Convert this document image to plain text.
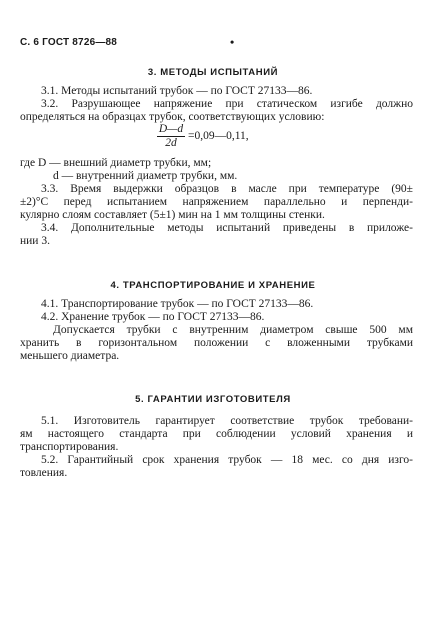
С. 6 ГОСТ 8726—88	•
3. МЕТОДЫ ИСПЫТАНИЙ
3.1. Методы испытаний трубок — по ГОСТ 27133—86.
3.2. Разрушающее напряжение при статическом изгибе должно
определяться на образцах трубок, соответствующих условию:
$\frac{D—d}{2d}$ =0,09—0,11,
где D — внешний диаметр трубки, мм;
d — внутренний диаметр трубки, мм.
3.3. Время выдержки образцов в масле при температуре (90±
±2)°С перед испытанием напряжением параллельно и перпенди-
кулярно слоям составляет (5±1) мин на 1 мм толщины стенки.
3.4. Дополнительные методы испытаний приведены в приложе-
нии 3.
4. ТРАНСПОРТИРОВАНИЕ И ХРАНЕНИЕ
4.1. Транспортирование трубок — по ГОСТ 27133—86.
4.2. Хранение трубок — по ГОСТ 27133—86.
Допускается трубки с внутренним диаметром свыше 500 мм
хранить в горизонтальном положении с вложенными трубками
меньшего диаметра.
5. ГАРАНТИИ ИЗГОТОВИТЕЛЯ
5.1. Изготовитель гарантирует соответствие трубок требовани-
ям настоящего стандарта при соблюдении условий хранения и
транспортирования.
5.2. Гарантийный срок хранения трубок — 18 мес. со дня изго-
товления.
